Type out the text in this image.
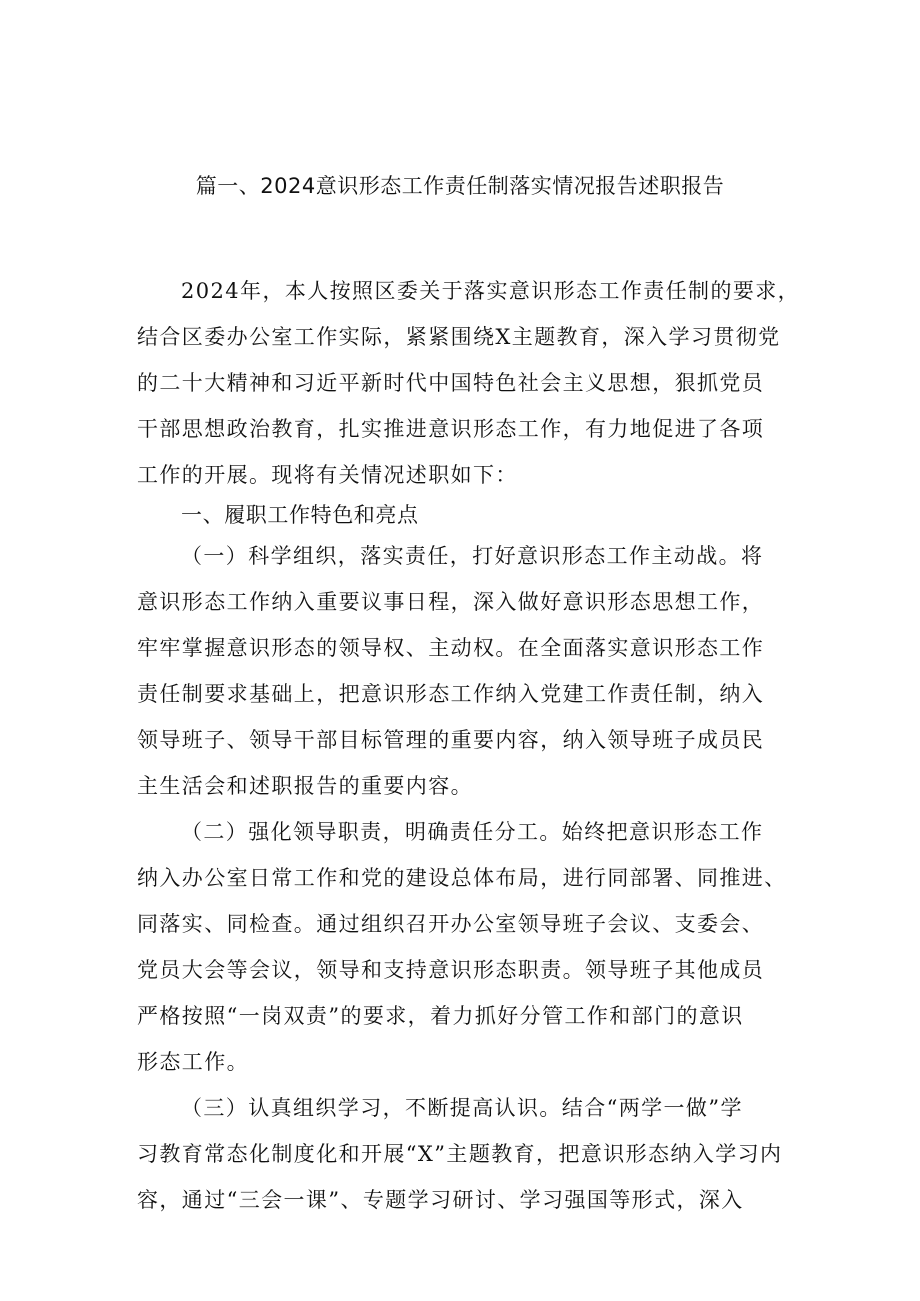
篇一、2024意识形态工作责任制落实情况报告述职报告
2024年，本人按照区委关于落实意识形态工作责任制的要求，
结合区委办公室工作实际，紧紧围绕X主题教育，深入学习贯彻党
的二十大精神和习近平新时代中国特色社会主义思想，狠抓党员
干部思想政治教育，扎实推进意识形态工作，有力地促进了各项
工作的开展。现将有关情况述职如下：
一、履职工作特色和亮点
（一）科学组织，落实责任，打好意识形态工作主动战。将
意识形态工作纳入重要议事日程，深入做好意识形态思想工作，
牢牢掌握意识形态的领导权、主动权。在全面落实意识形态工作
责任制要求基础上，把意识形态工作纳入党建工作责任制，纳入
领导班子、领导干部目标管理的重要内容，纳入领导班子成员民
主生活会和述职报告的重要内容。
（二）强化领导职责，明确责任分工。始终把意识形态工作
纳入办公室日常工作和党的建设总体布局，进行同部署、同推进、
同落实、同检查。通过组织召开办公室领导班子会议、支委会、
党员大会等会议，领导和支持意识形态职责。领导班子其他成员
严格按照“一岗双责”的要求，着力抓好分管工作和部门的意识
形态工作。
（三）认真组织学习，不断提高认识。结合“两学一做”学
习教育常态化制度化和开展“X”主题教育，把意识形态纳入学习内
容，通过“三会一课”、专题学习研讨、学习强国等形式，深入
